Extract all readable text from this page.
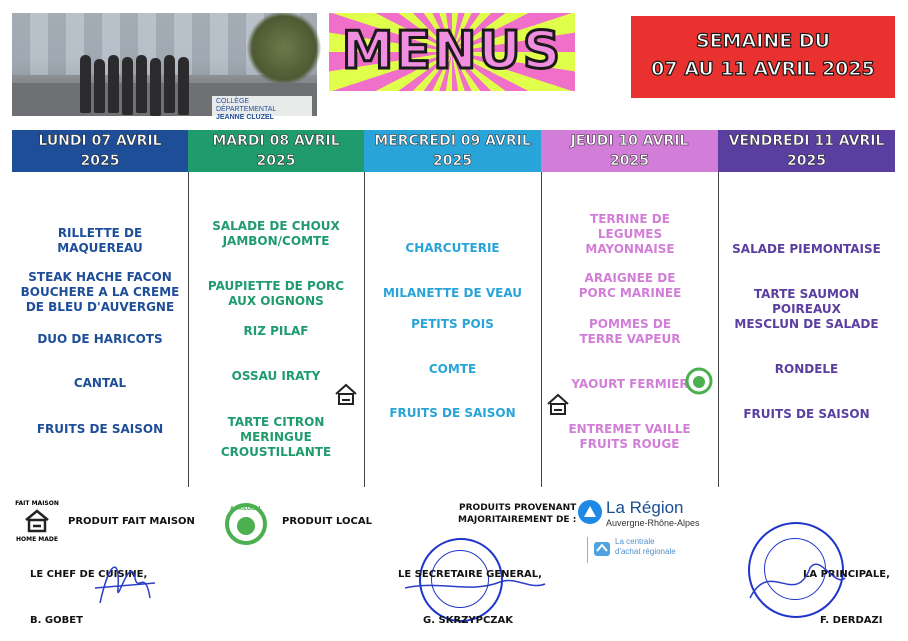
COLLÈGE DÉPARTEMENTAL
JEANNE CLUZEL
MENUS	SEMAINE DU
07 AU 11 AVRIL 2025
LUNDI 07 AVRIL
2025
MARDI 08 AVRIL
2025
MERCREDI 09 AVRIL
2025
JEUDI 10 AVRIL
2025
VENDREDI 11 AVRIL
2025
RILLETTE DE MAQUEREAU
STEAK HACHE FACON BOUCHERE A LA CREME DE BLEU D'AUVERGNE
DUO DE HARICOTS
CANTAL
FRUITS DE SAISON
SALADE DE CHOUX JAMBON/COMTE
PAUPIETTE DE PORC AUX OIGNONS
RIZ PILAF
OSSAU IRATY
TARTE CITRON MERINGUE CROUSTILLANTE
CHARCUTERIE
MILANETTE DE VEAU
PETITS POIS
COMTE
FRUITS DE SAISON
TERRINE DE LEGUMES MAYONNAISE
ARAIGNEE DE PORC MARINEE
POMMES DE TERRE VAPEUR
YAOURT FERMIER
ENTREMET VAILLE FRUITS ROUGE
SALADE PIEMONTAISE
TARTE SAUMON POIREAUX
MESCLUN DE SALADE
RONDELE
FRUITS DE SAISON
FAIT MAISON
HOME MADE
PRODUIT FAIT MAISON
AGRILOCAL
PRODUIT LOCAL
PRODUITS PROVENANT
MAJORITAIREMENT DE :
La Région
Auvergne-Rhône-Alpes
La centrale
d'achat régionale
LE CHEF DE CUISINE,
B. GOBET
LE SECRETAIRE GENERAL,
G. SKRZYPCZAK
LA PRINCIPALE,
F. DERDAZI
